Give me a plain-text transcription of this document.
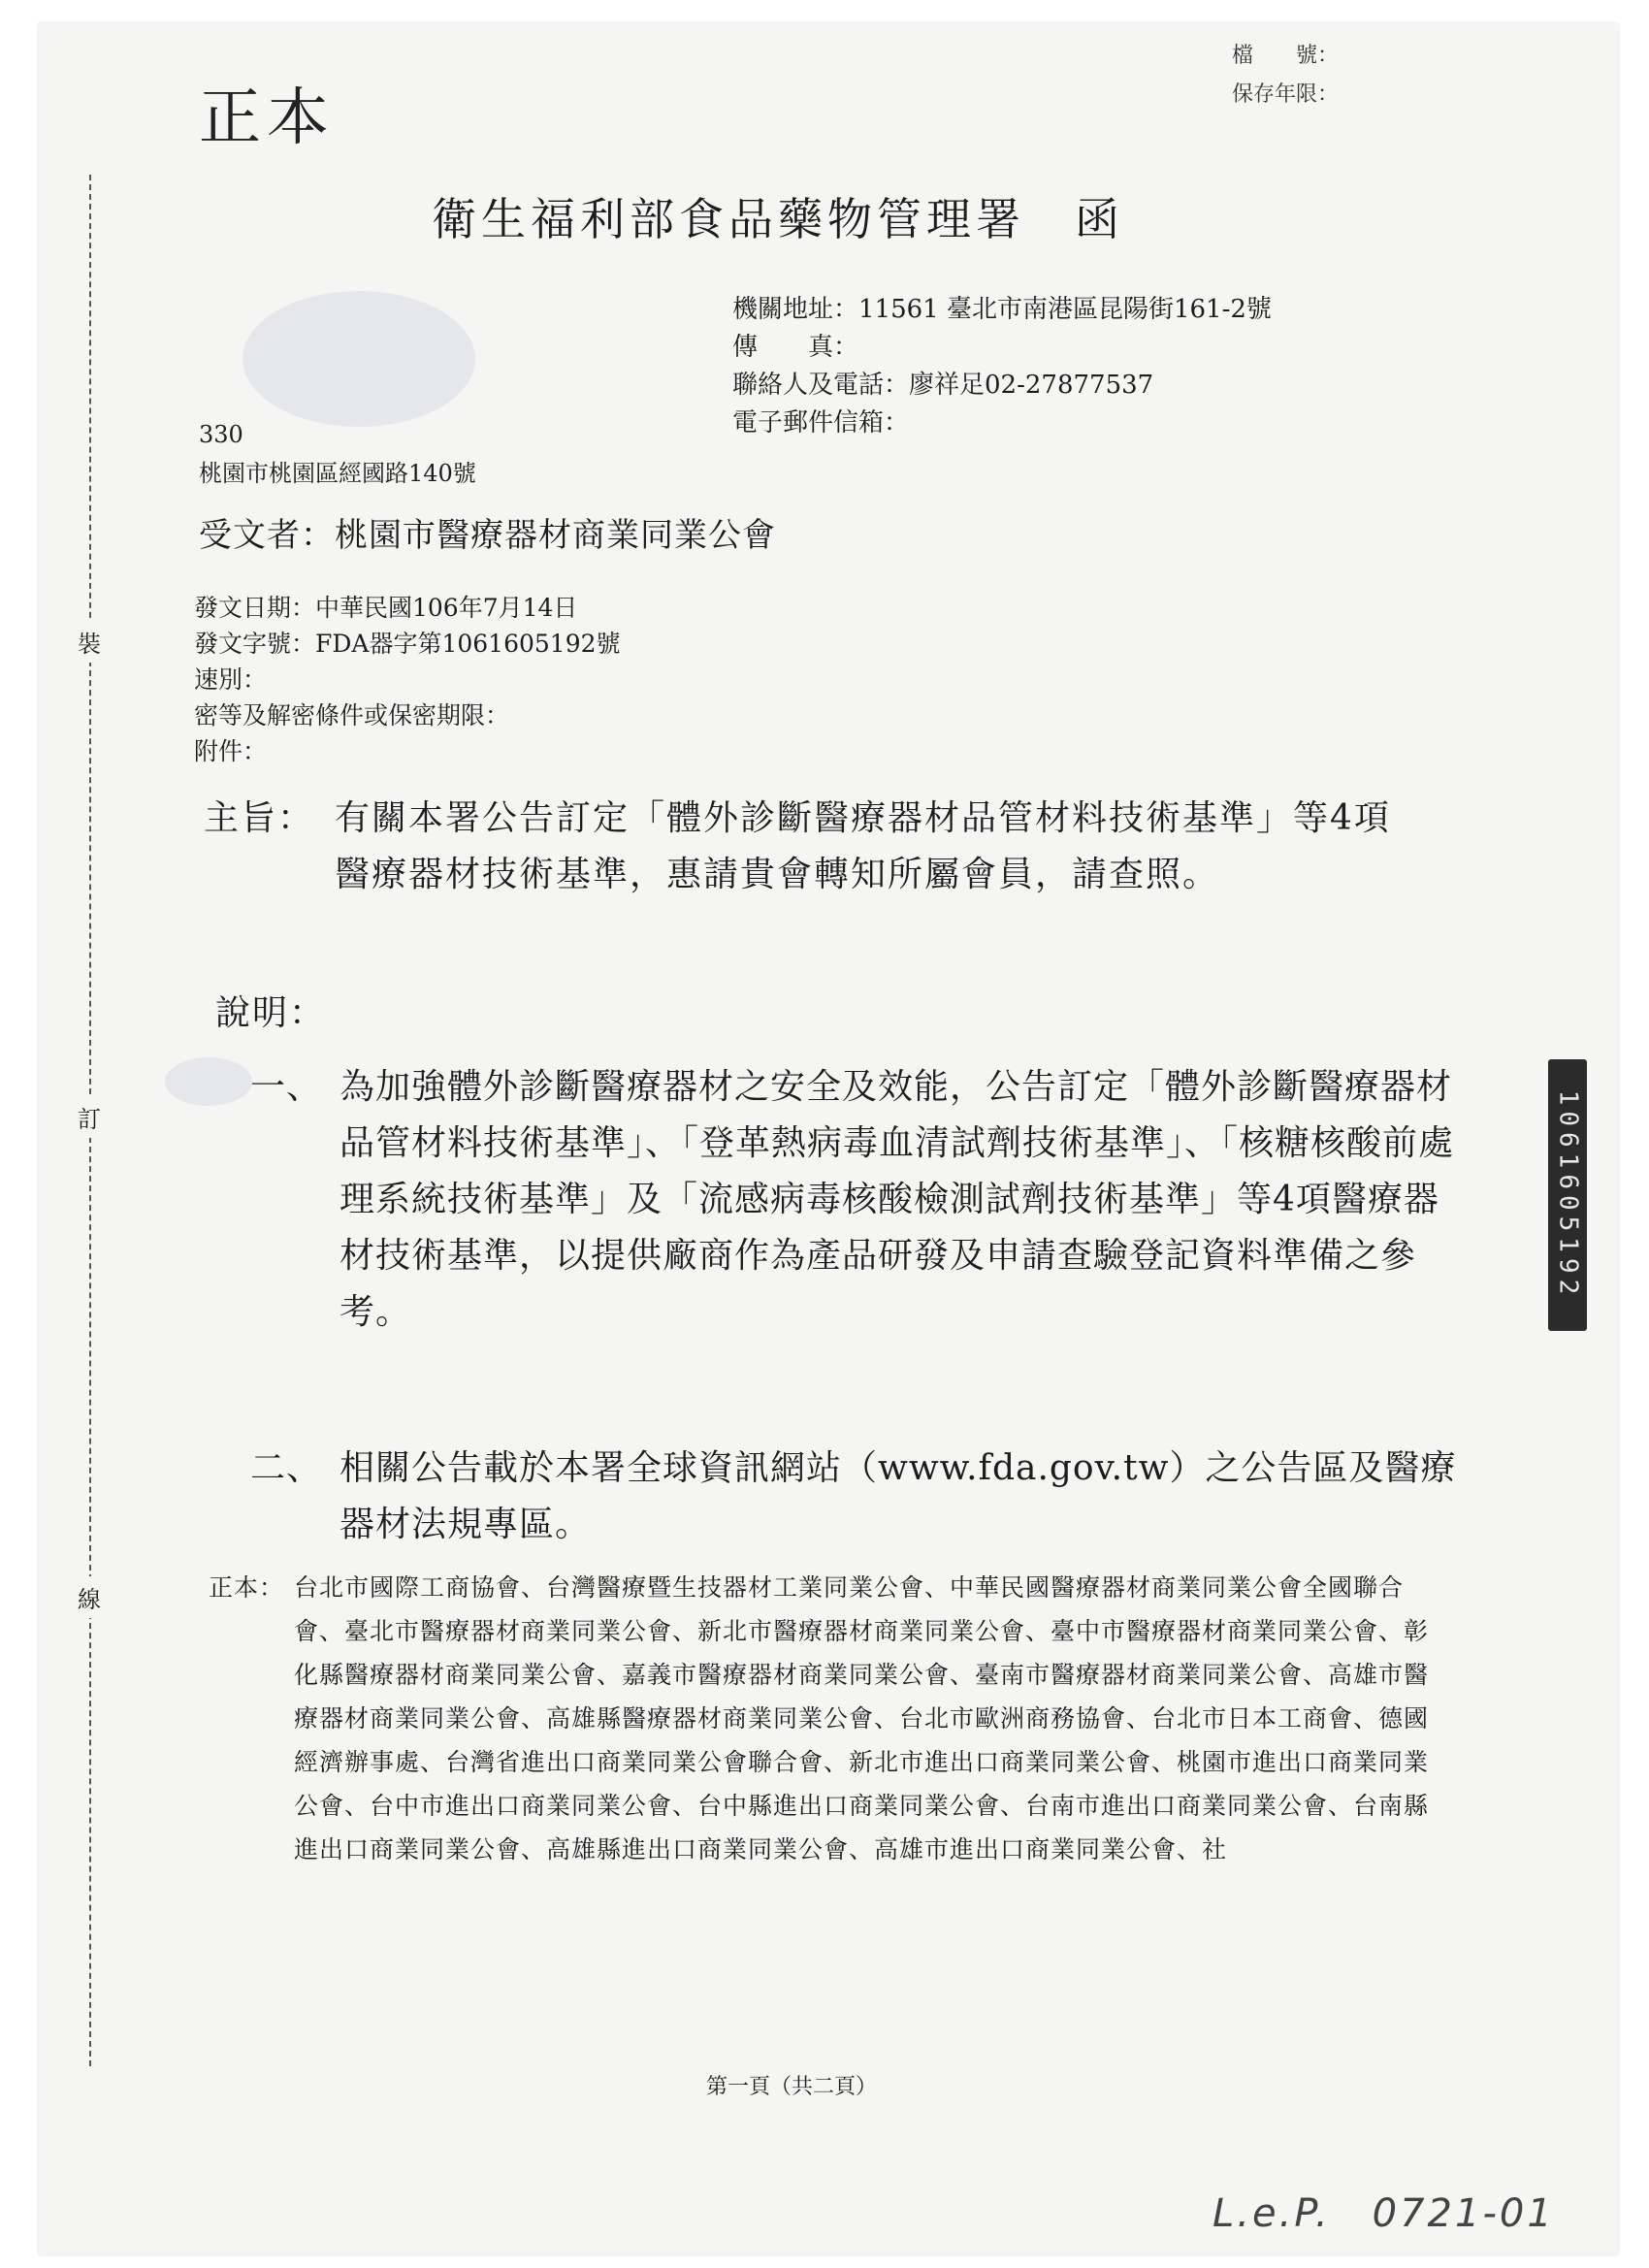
裝
訂
線
正本
檔　　號：
保存年限：
衛生福利部食品藥物管理署　函
機關地址：11561 臺北市南港區昆陽街161-2號
傳　　真：
聯絡人及電話：廖祥足02-27877537
電子郵件信箱：
330
桃園市桃園區經國路140號
受文者：桃園市醫療器材商業同業公會
發文日期：中華民國106年7月14日
發文字號：FDA器字第1061605192號
速別：
密等及解密條件或保密期限：
附件：
主旨： 有關本署公告訂定「體外診斷醫療器材品管材料技術基準」等4項醫療器材技術基準，惠請貴會轉知所屬會員，請查照。
說明：
一、 為加強體外診斷醫療器材之安全及效能，公告訂定「體外診斷醫療器材品管材料技術基準」、「登革熱病毒血清試劑技術基準」、「核糖核酸前處理系統技術基準」及「流感病毒核酸檢測試劑技術基準」等4項醫療器材技術基準，以提供廠商作為產品研發及申請查驗登記資料準備之參考。
二、 相關公告載於本署全球資訊網站（www.fda.gov.tw）之公告區及醫療器材法規專區。
正本： 台北市國際工商協會、台灣醫療暨生技器材工業同業公會、中華民國醫療器材商業同業公會全國聯合會、臺北市醫療器材商業同業公會、新北市醫療器材商業同業公會、臺中市醫療器材商業同業公會、彰化縣醫療器材商業同業公會、嘉義市醫療器材商業同業公會、臺南市醫療器材商業同業公會、高雄市醫療器材商業同業公會、高雄縣醫療器材商業同業公會、台北市歐洲商務協會、台北市日本工商會、德國經濟辦事處、台灣省進出口商業同業公會聯合會、新北市進出口商業同業公會、桃園市進出口商業同業公會、台中市進出口商業同業公會、台中縣進出口商業同業公會、台南市進出口商業同業公會、台南縣進出口商業同業公會、高雄縣進出口商業同業公會、高雄市進出口商業同業公會、社
1061605192
第一頁（共二頁）
L.e.P.　0721-01
